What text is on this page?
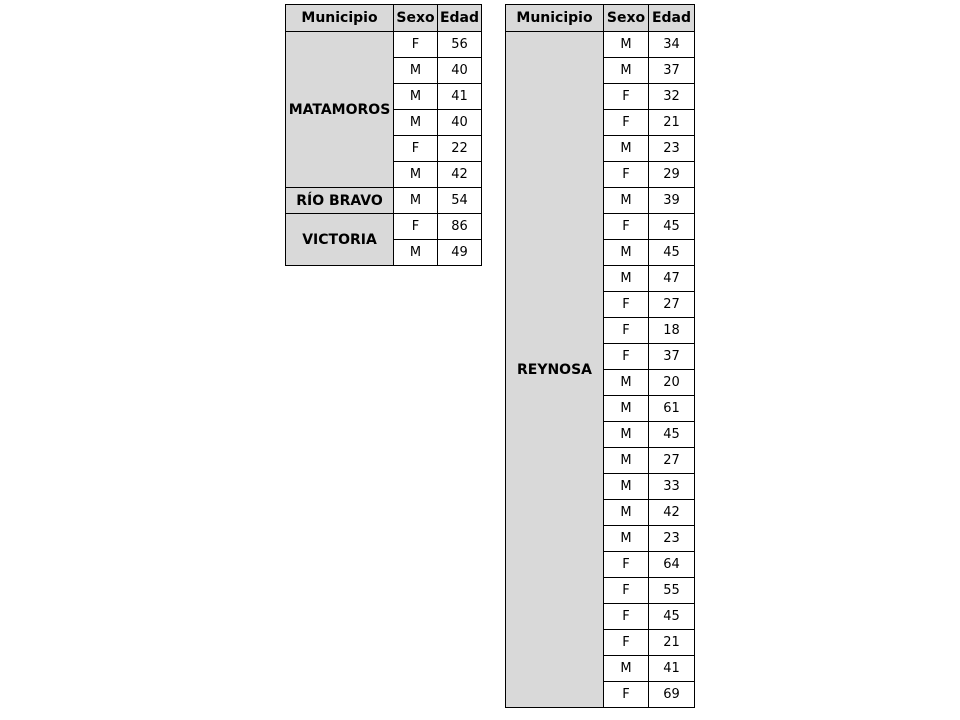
Municipio	Sexo	Edad
MATAMOROS	F	56
	M	40
	M	41
	M	40
	F	22
	M	42
RÍO BRAVO	M	54
VICTORIA	F	86
	M	49
Municipio	Sexo	Edad
REYNOSA	M	34
	M	37
	F	32
	F	21
	M	23
	F	29
	M	39
	F	45
	M	45
	M	47
	F	27
	F	18
	F	37
	M	20
	M	61
	M	45
	M	27
	M	33
	M	42
	M	23
	F	64
	F	55
	F	45
	F	21
	M	41
	F	69
